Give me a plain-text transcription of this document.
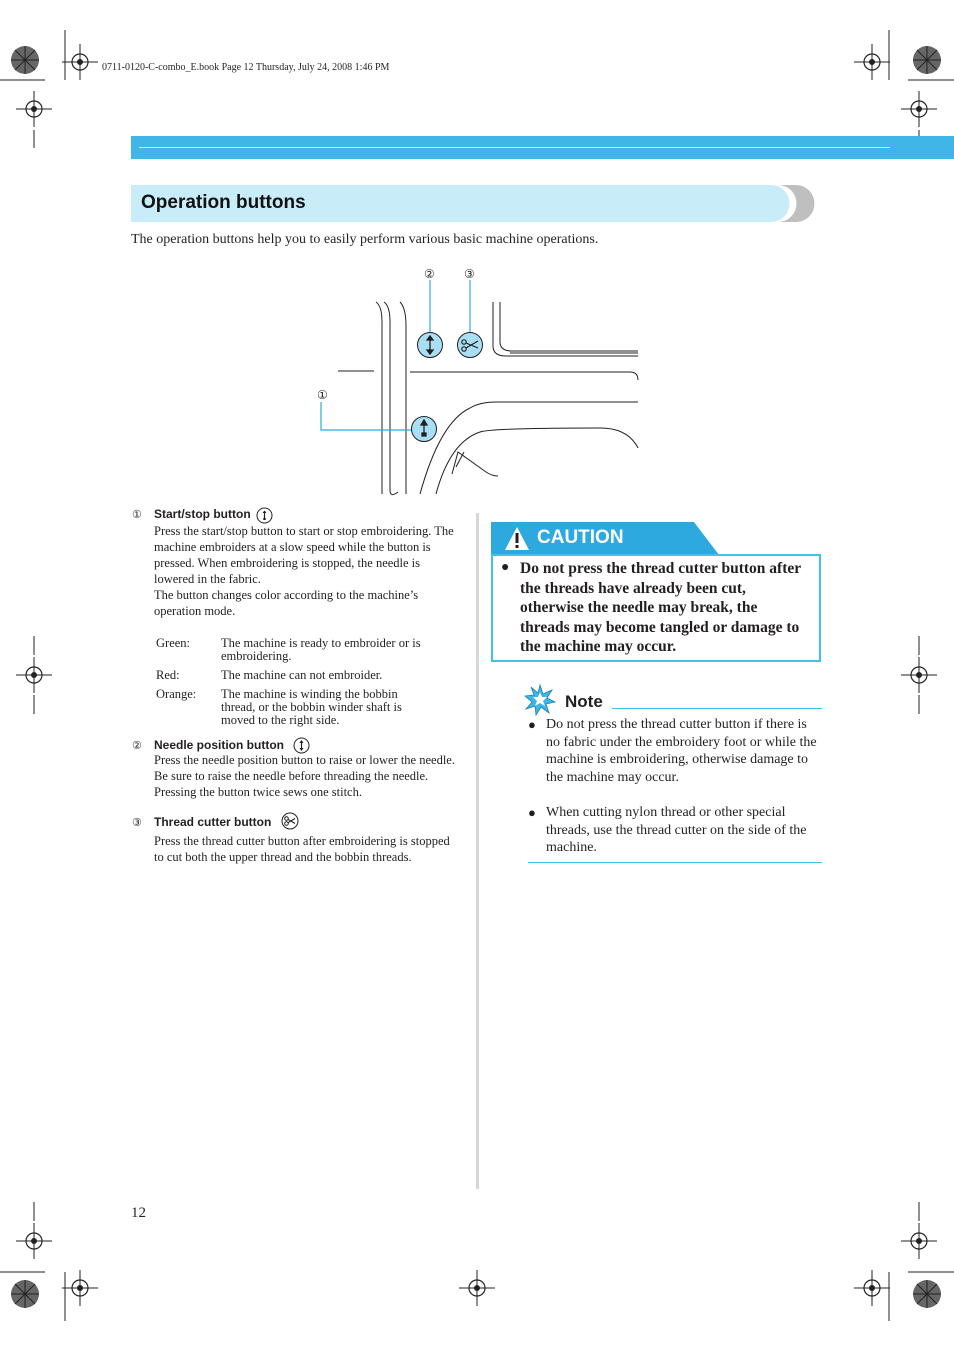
0711-0120-C-combo_E.book Page 12 Thursday, July 24, 2008 1:46 PM
Operation buttons
The operation buttons help you to easily perform various basic machine operations.
①
② ③
① Start/stop button

Press the start/stop button to start or stop embroidering. The machine embroiders at a slow speed while the button is pressed. When embroidering is stopped, the needle is lowered in the fabric.

The button changes color according to the machine’s operation mode.

Green: The machine is ready to embroider or is embroidering.
Red:	The machine can not embroider.
Orange: The machine is winding the bobbin thread, or the bobbin winder shaft is moved to the right side.
② Needle position button

Press the needle position button to raise or lower the needle. Be sure to raise the needle before threading the needle. Pressing the button twice sews one stitch.

③ Thread cutter button

Press the thread cutter button after embroidering is stopped to cut both the upper thread and the bobbin threads.

CAUTION
● Do not press the thread cutter button after the threads have already been cut, otherwise the needle may break, the threads may become tangled or damage to the machine may occur.
Note
● Do not press the thread cutter button if there is no fabric under the embroidery foot or while the machine is embroidering, otherwise damage to the machine may occur.
● When cutting nylon thread or other special threads, use the thread cutter on the side of the machine.
12
